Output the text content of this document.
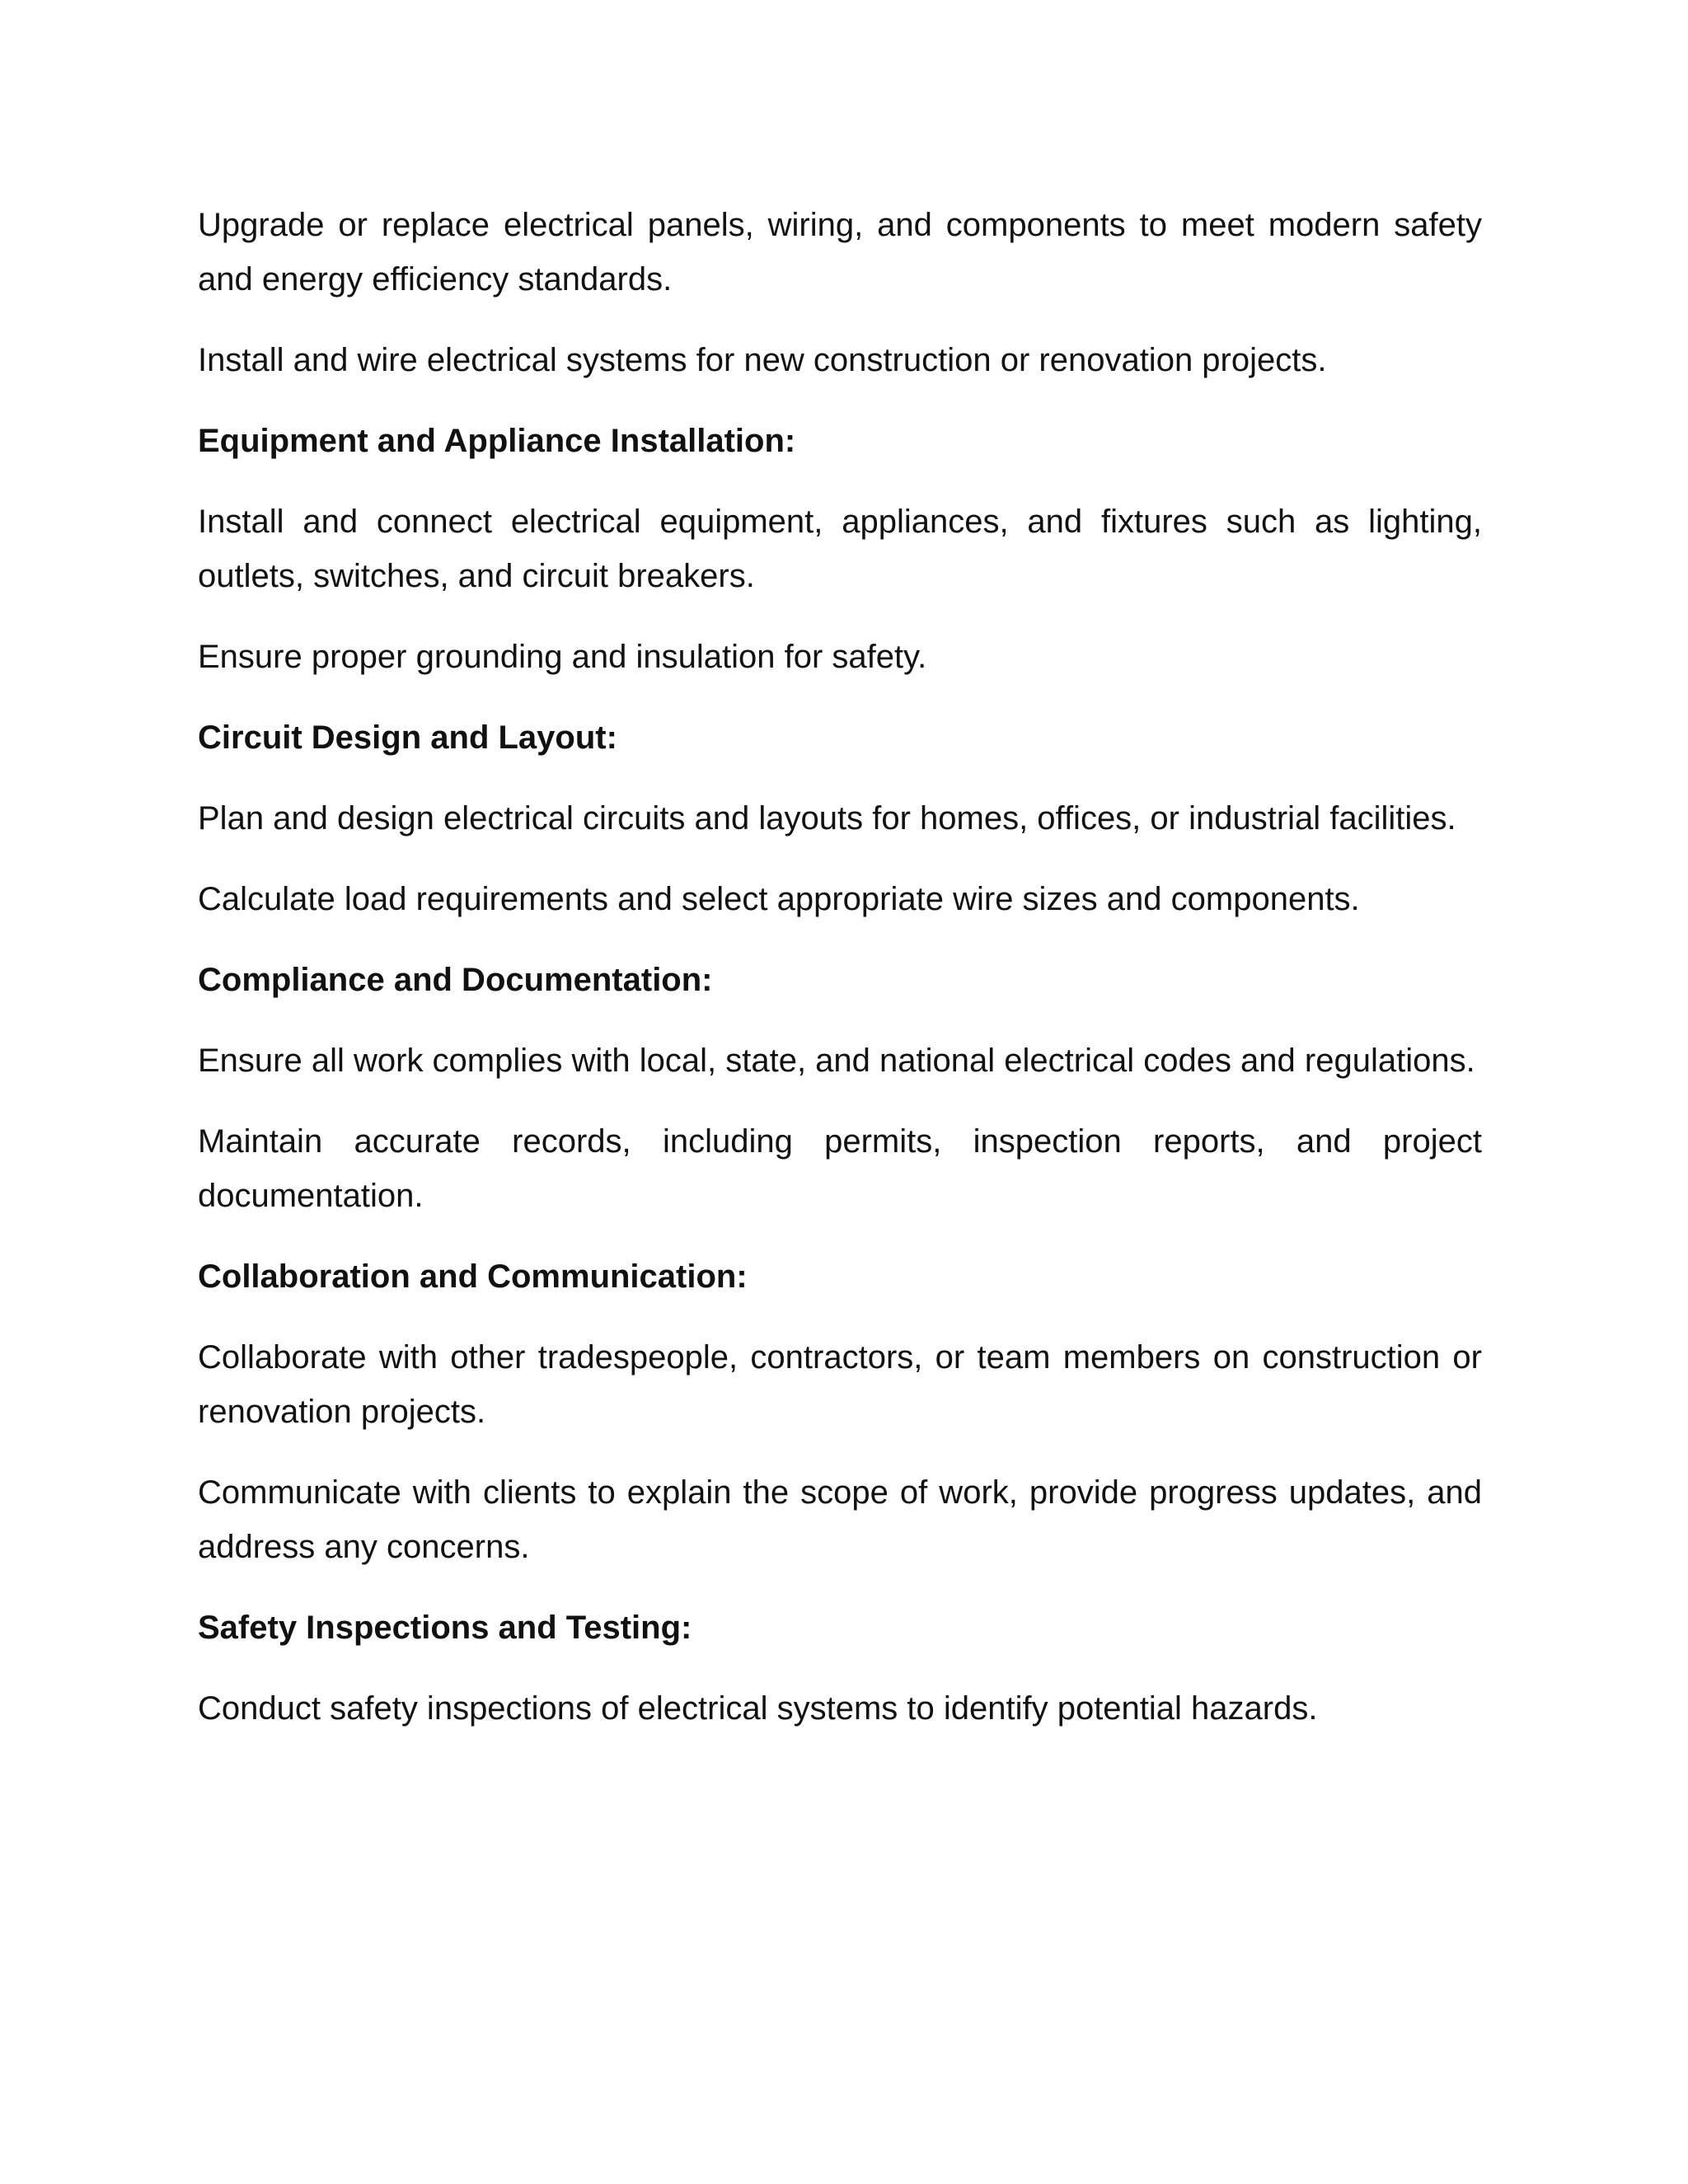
Upgrade or replace electrical panels, wiring, and components to meet modern safety and energy efficiency standards.

Install and wire electrical systems for new construction or renovation projects.

Equipment and Appliance Installation:

Install and connect electrical equipment, appliances, and fixtures such as lighting, outlets, switches, and circuit breakers.

Ensure proper grounding and insulation for safety.

Circuit Design and Layout:

Plan and design electrical circuits and layouts for homes, offices, or industrial facilities.

Calculate load requirements and select appropriate wire sizes and components.

Compliance and Documentation:

Ensure all work complies with local, state, and national electrical codes and regulations.

Maintain accurate records, including permits, inspection reports, and project documentation.

Collaboration and Communication:

Collaborate with other tradespeople, contractors, or team members on construction or renovation projects.

Communicate with clients to explain the scope of work, provide progress updates, and address any concerns.

Safety Inspections and Testing:

Conduct safety inspections of electrical systems to identify potential hazards.
